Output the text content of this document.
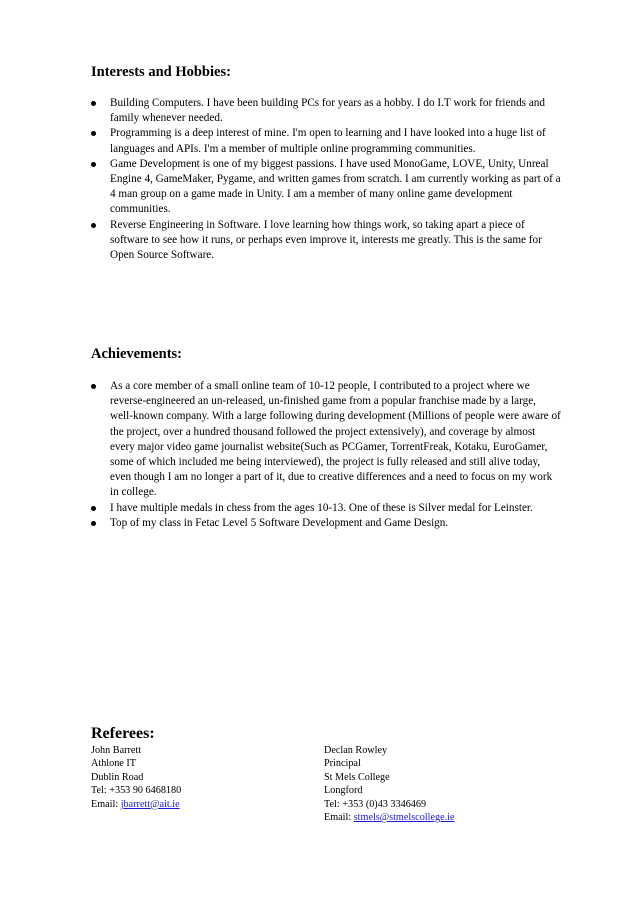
Interests and Hobbies:
Building Computers. I have been building PCs for years as a hobby. I do I.T work for friends and family whenever needed.
Programming is a deep interest of mine. I'm open to learning and I have looked into a huge list of languages and APIs. I'm a member of multiple online programming communities.
Game Development is one of my biggest passions. I have used MonoGame, LOVE, Unity, Unreal Engine 4, GameMaker, Pygame, and written games from scratch. I am currently working as part of a 4 man group on a game made in Unity. I am a member of many online game development communities.
Reverse Engineering in Software. I love learning how things work, so taking apart a piece of software to see how it runs, or perhaps even improve it, interests me greatly. This is the same for Open Source Software.
Achievements:
As a core member of a small online team of 10-12 people, I contributed to a project where we reverse-engineered an un-released, un-finished game from a popular franchise made by a large, well-known company. With a large following during development (Millions of people were aware of the project, over a hundred thousand followed the project extensively), and coverage by almost every major video game journalist website(Such as PCGamer, TorrentFreak, Kotaku, EuroGamer, some of which included me being interviewed), the project is fully released and still alive today, even though I am no longer a part of it, due to creative differences and a need to focus on my work in college.
I have multiple medals in chess from the ages 10-13. One of these is Silver medal for Leinster.
Top of my class in Fetac Level 5 Software Development and Game Design.
Referees:
John Barrett
Athlone IT
Dublin Road
Tel: +353 90 6468180
Email: jbarrett@ait.ie
Declan Rowley
Principal
St Mels College
Longford
Tel: +353 (0)43 3346469
Email: stmels@stmelscollege.ie
